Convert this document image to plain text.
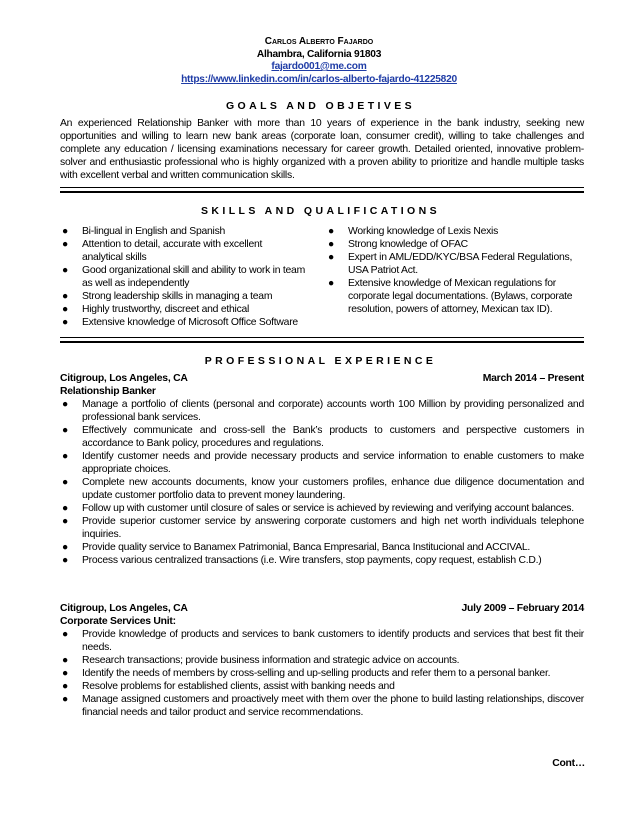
Carlos Alberto Fajardo
Alhambra, California 91803
fajardo001@me.com
https://www.linkedin.com/in/carlos-alberto-fajardo-41225820
GOALS AND OBJETIVES
An experienced Relationship Banker with more than 10 years of experience in the bank industry, seeking new opportunities and willing to learn new bank areas (corporate loan, consumer credit), willing to take challenges and complete any education / licensing examinations necessary for career growth. Detailed oriented, innovative problem-solver and enthusiastic professional who is highly organized with a proven ability to prioritize and handle multiple tasks with excellent verbal and written communication skills.
SKILLS AND QUALIFICATIONS
● Bi-lingual in English and Spanish
● Attention to detail, accurate with excellent analytical skills
● Good organizational skill and ability to work in team as well as independently
● Strong leadership skills in managing a team
● Highly trustworthy, discreet and ethical
● Extensive knowledge of Microsoft Office Software
● Working knowledge of Lexis Nexis
● Strong knowledge of OFAC
● Expert in AML/EDD/KYC/BSA Federal Regulations, USA Patriot Act.
● Extensive knowledge of Mexican regulations for corporate legal documentations. (Bylaws, corporate resolution, powers of attorney, Mexican tax ID).
PROFESSIONAL EXPERIENCE
Citigroup, Los Angeles, CA
Relationship Banker
March 2014 – Present
● Manage a portfolio of clients (personal and corporate) accounts worth 100 Million by providing personalized and professional bank services.
● Effectively communicate and cross-sell the Bank’s products to customers and perspective customers in accordance to Bank policy, procedures and regulations.
● Identify customer needs and provide necessary products and service information to enable customers to make appropriate choices.
● Complete new accounts documents, know your customers profiles, enhance due diligence documentation and update customer portfolio data to prevent money laundering.
● Follow up with customer until closure of sales or service is achieved by reviewing and verifying account balances.
● Provide superior customer service by answering corporate customers and high net worth individuals telephone inquiries.
● Provide quality service to Banamex Patrimonial, Banca Empresarial, Banca Institucional and ACCIVAL.
● Process various centralized transactions (i.e. Wire transfers, stop payments, copy request, establish C.D.)
Citigroup, Los Angeles, CA
Corporate Services Unit:
July 2009 – February 2014
● Provide knowledge of products and services to bank customers to identify products and services that best fit their needs.
● Research transactions; provide business information and strategic advice on accounts.
● Identify the needs of members by cross-selling and up-selling products and refer them to a personal banker.
● Resolve problems for established clients, assist with banking needs and
● Manage assigned customers and proactively meet with them over the phone to build lasting relationships, discover financial needs and tailor product and service recommendations.
Cont…
